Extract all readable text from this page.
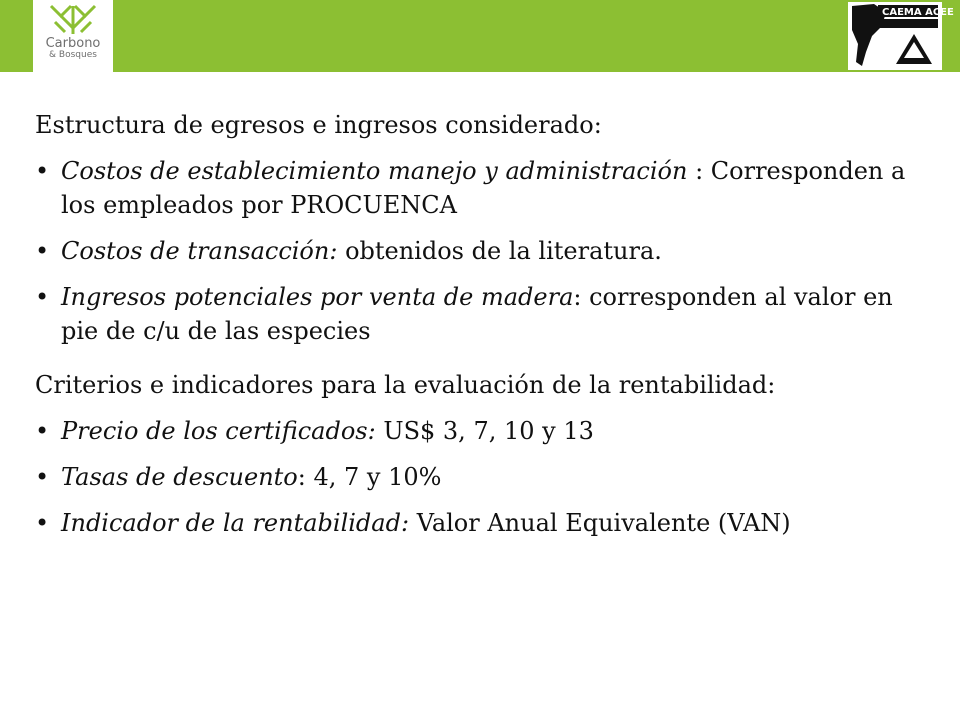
Carbono
& Bosques
CAEMA ACEE

Estructura de egresos e ingresos considerado:

• Costos de establecimiento manejo y administración : Corresponden a los empleados por PROCUENCA

• Costos de transacción: obtenidos de la literatura.

• Ingresos potenciales por venta de madera: corresponden al valor en pie de c/u de las especies

Criterios e indicadores para la evaluación de la rentabilidad:

• Precio de los certificados: US$ 3, 7, 10 y 13

• Tasas de descuento: 4, 7 y 10%

• Indicador de la rentabilidad: Valor Anual Equivalente (VAN)
